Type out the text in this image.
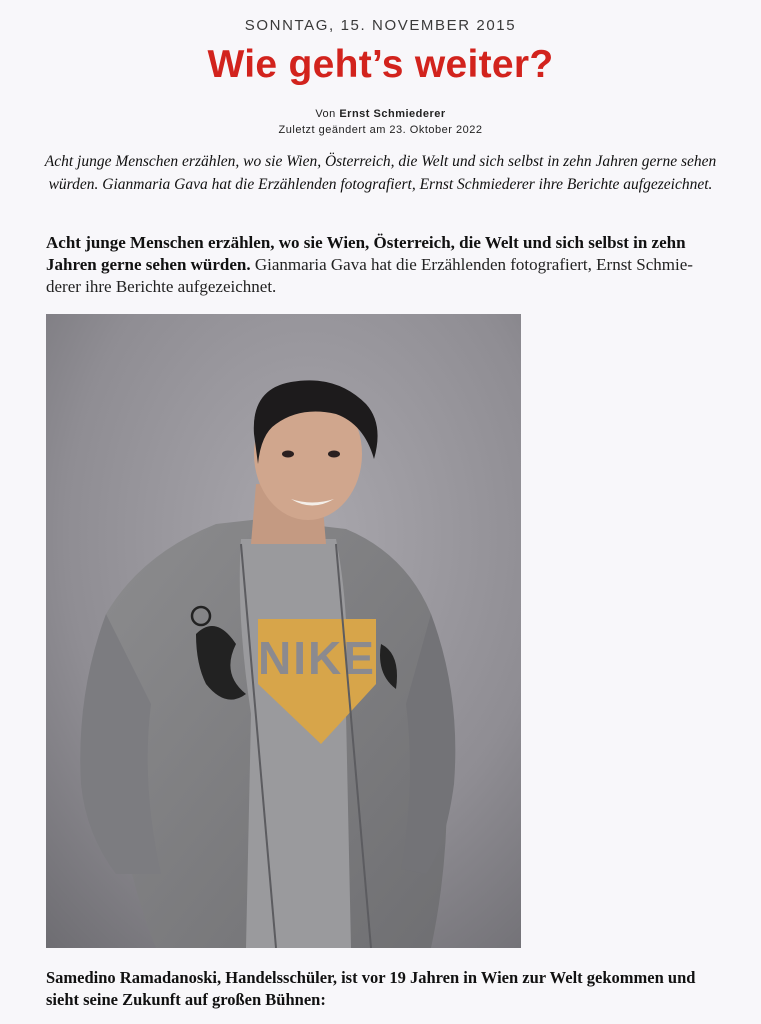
SONNTAG, 15. NOVEMBER 2015
Wie geht’s weiter?
Von Ernst Schmiederer
Zuletzt geändert am 23. Oktober 2022

Acht junge Menschen erzählen, wo sie Wien, Österreich, die Welt und sich selbst in zehn Jahren gerne sehen würden. Gianmaria Gava hat die Erzählenden fotografiert, Ernst Schmiederer ihre Berichte aufgezeichnet.

Acht junge Menschen erzählen, wo sie Wien, Österreich, die Welt und sich selbst in zehn Jahren gerne sehen würden. Gianmaria Gava hat die Erzählenden fotografiert, Ernst Schmiederer ihre Berichte aufgezeichnet.

NIKE

Samedino Ramadanoski, Handelsschüler, ist vor 19 Jahren in Wien zur Welt gekommen und sieht seine Zukunft auf großen Bühnen:
